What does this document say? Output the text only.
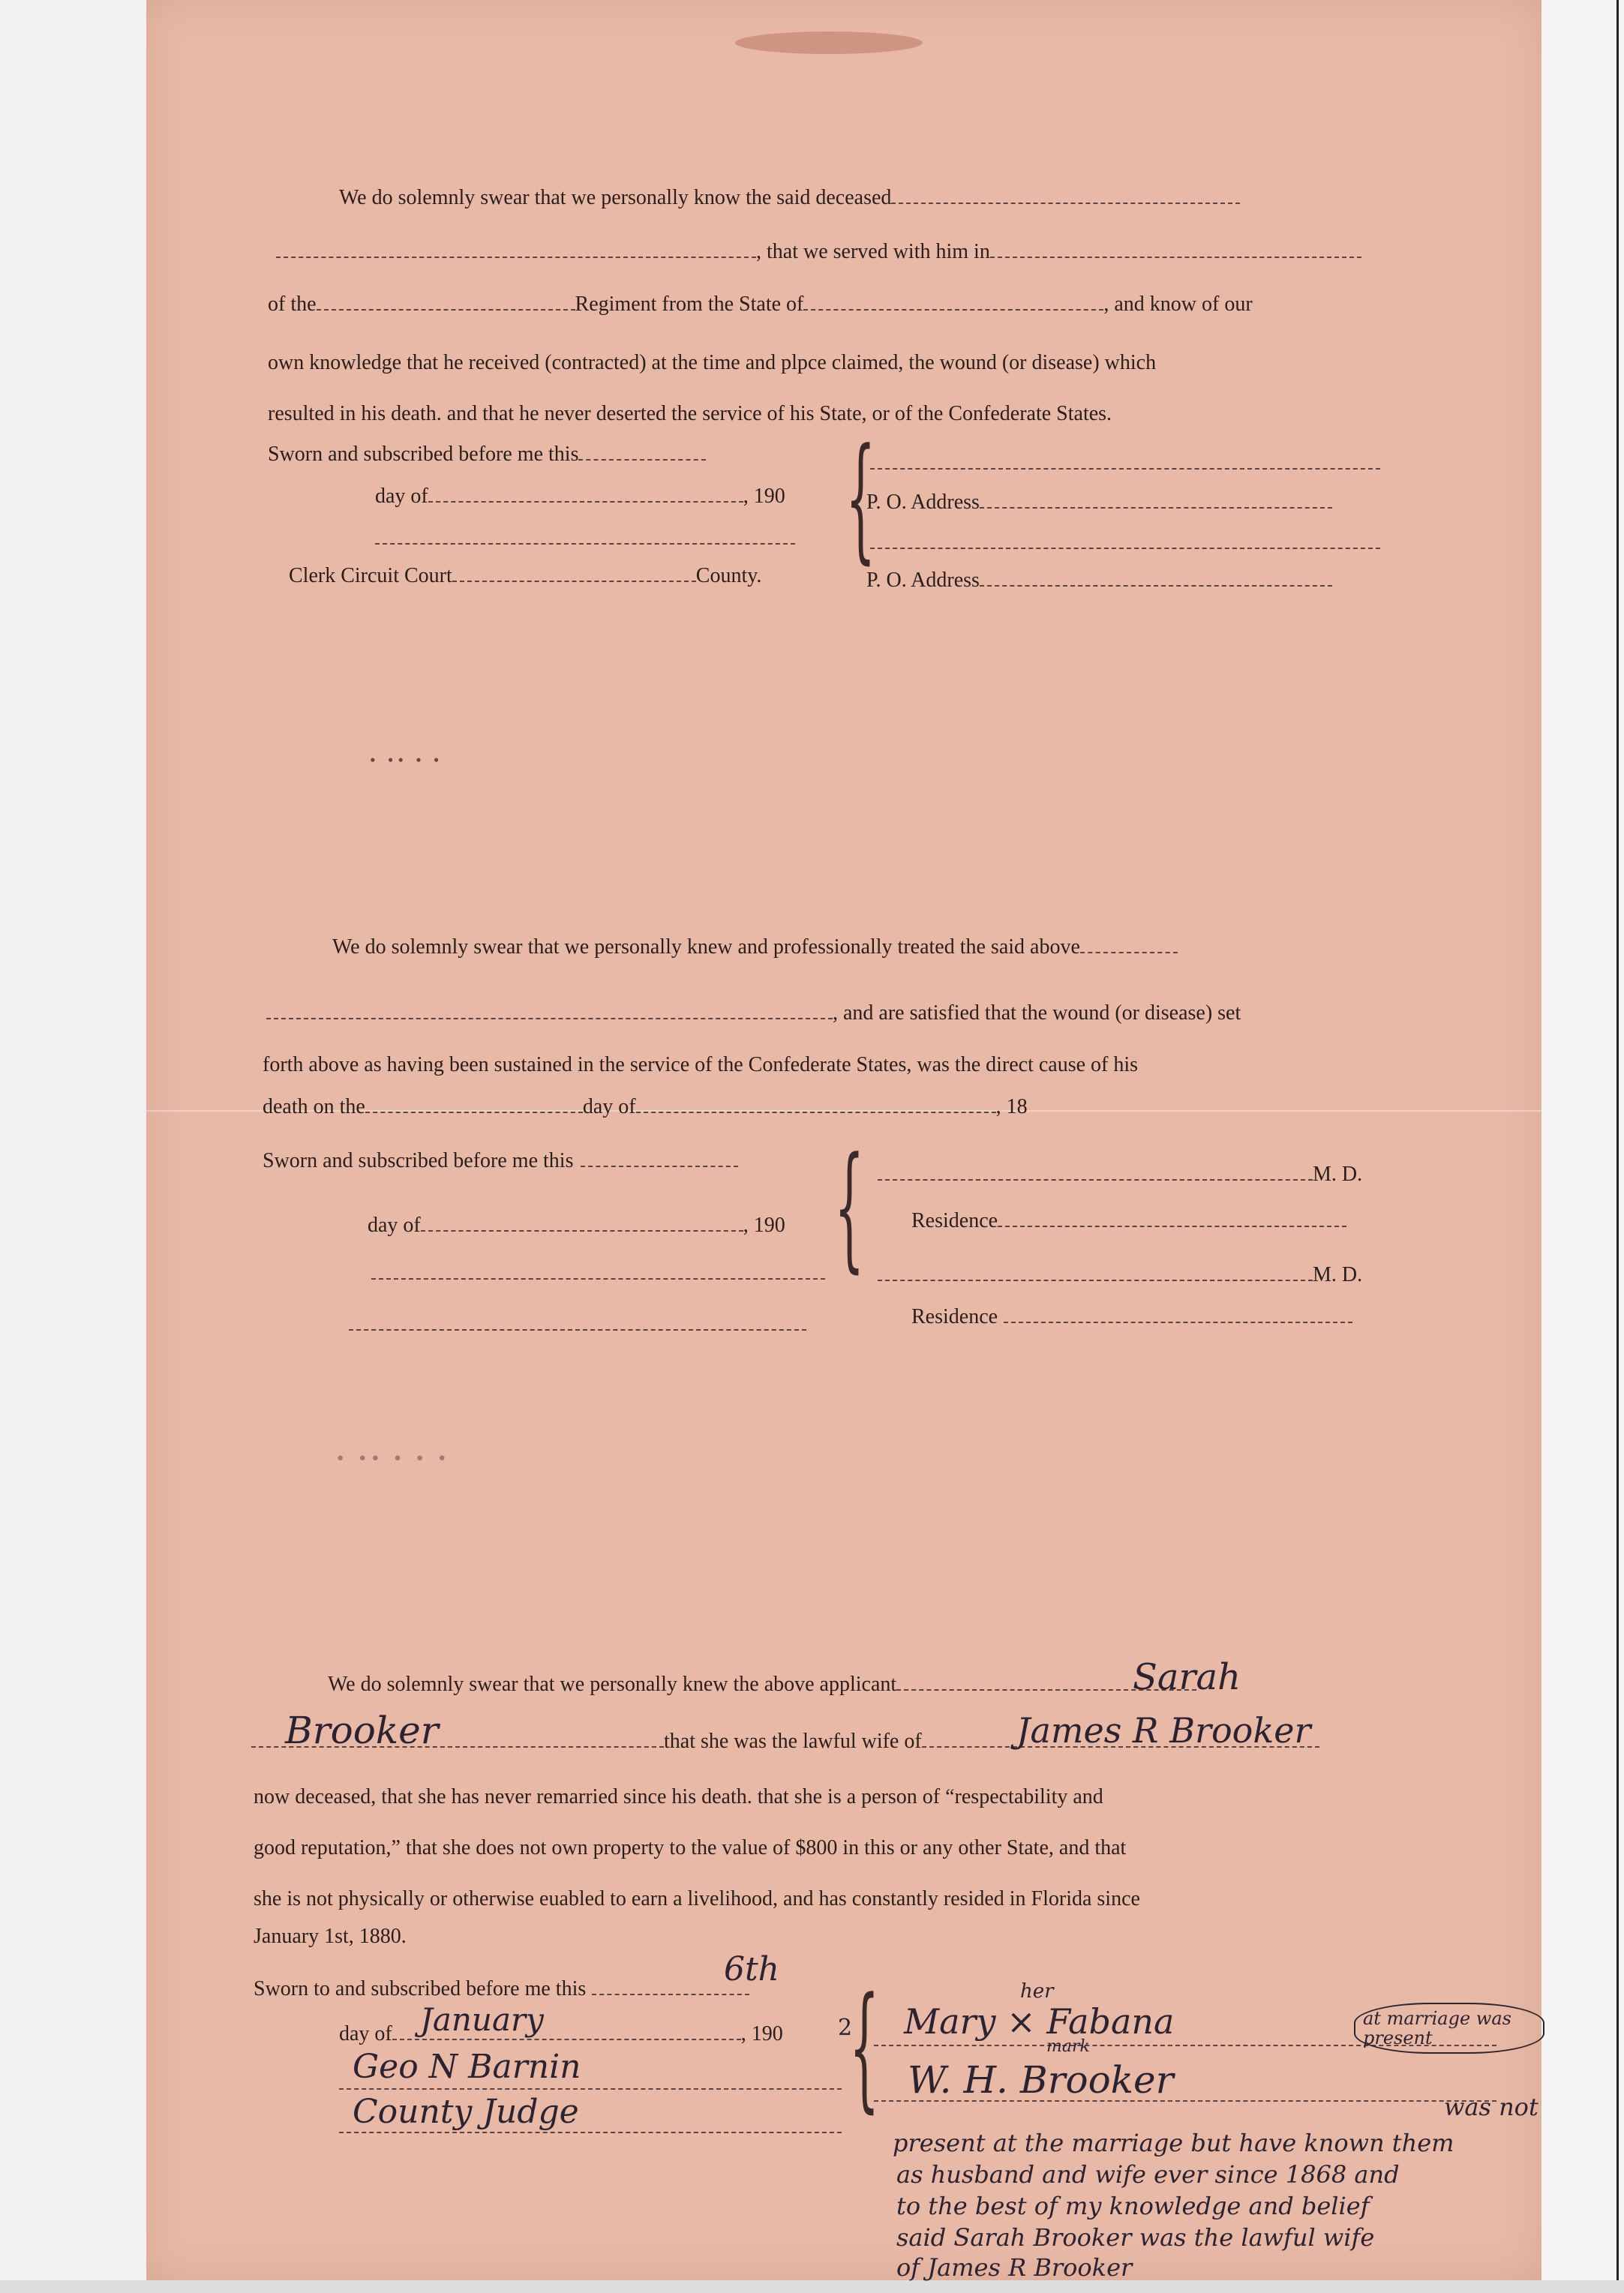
We do solemnly swear that we personally know the said deceased
, that we served with him in
of the	Regiment from the State of	, and know of our
own knowledge that he received (contracted) at the time and plpce claimed, the wound (or disease) which
resulted in his death. and that he never deserted the service of his State, or of the Confederate States.
Sworn and subscribed before me this
day of	, 190
Clerk Circuit Court	County. {
P. O. Address
P. O. Address
We do solemnly swear that we personally knew and professionally treated the said above
, and are satisfied that the wound (or disease) set
forth above as having been sustained in the service of the Confederate States, was the direct cause of his
death on the	day of	, 18
Sworn and subscribed before me this
day of	, 190 {	M. D.
Residence
M. D.
Residence
⋅ ⋅⋅ ⋅ ⋅ ⋅
⋅ ⋅⋅ ⋅ ⋅
We do solemnly swear that we personally knew the above applicant	Sarah
that she was the lawful wife of
Brooker	James R Brooker
now deceased, that she has never remarried since his death. that she is a person of “respectability and
good reputation,” that she does not own property to the value of $800 in this or any other State, and that
she is not physically or otherwise euabled to earn a livelihood, and has constantly resided in Florida since
January 1st, 1880.
Sworn to and subscribed before me this
6th
day of	, 190
January	2
Geo N Barnin
County Judge {	her
Mary × Fabana
mark
at marriage was present
W. H. Brooker
was not
present at the marriage but have known them
as husband and wife ever since 1868 and
to the best of my knowledge and belief
said Sarah Brooker was the lawful wife
of James R Brooker
